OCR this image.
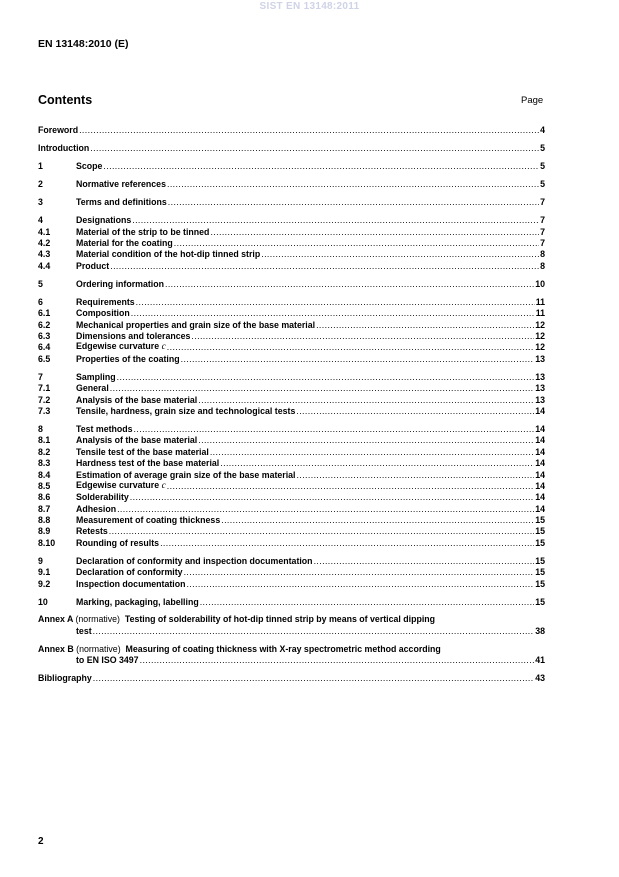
SIST EN 13148:2011
EN 13148:2010 (E)
Contents	Page
Foreword .....	4
Introduction .....	5
1	Scope .....	5
2	Normative references .....	5
3	Terms and definitions .....	7
4	Designations .....	7
4.1	Material of the strip to be tinned .....	7
4.2	Material for the coating .....	7
4.3	Material condition of the hot-dip tinned strip .....	8
4.4	Product .....	8
5	Ordering information .....	10
6	Requirements .....	11
6.1	Composition .....	11
6.2	Mechanical properties and grain size of the base material .....	12
6.3	Dimensions and tolerances .....	12
6.4	Edgewise curvature c .....	12
6.5	Properties of the coating .....	13
7	Sampling .....	13
7.1	General .....	13
7.2	Analysis of the base material .....	13
7.3	Tensile, hardness, grain size and technological tests .....	14
8	Test methods .....	14
8.1	Analysis of the base material .....	14
8.2	Tensile test of the base material .....	14
8.3	Hardness test of the base material .....	14
8.4	Estimation of average grain size of the base material .....	14
8.5	Edgewise curvature c .....	14
8.6	Solderability .....	14
8.7	Adhesion .....	14
8.8	Measurement of coating thickness .....	15
8.9	Retests .....	15
8.10	Rounding of results .....	15
9	Declaration of conformity and inspection documentation .....	15
9.1	Declaration of conformity .....	15
9.2	Inspection documentation .....	15
10	Marking, packaging, labelling .....	15
Annex A (normative) Testing of solderability of hot-dip tinned strip by means of vertical dipping
test .....	38
Annex B (normative) Measuring of coating thickness with X-ray spectrometric method according
to EN ISO 3497 .....	41
Bibliography .....	43
2
